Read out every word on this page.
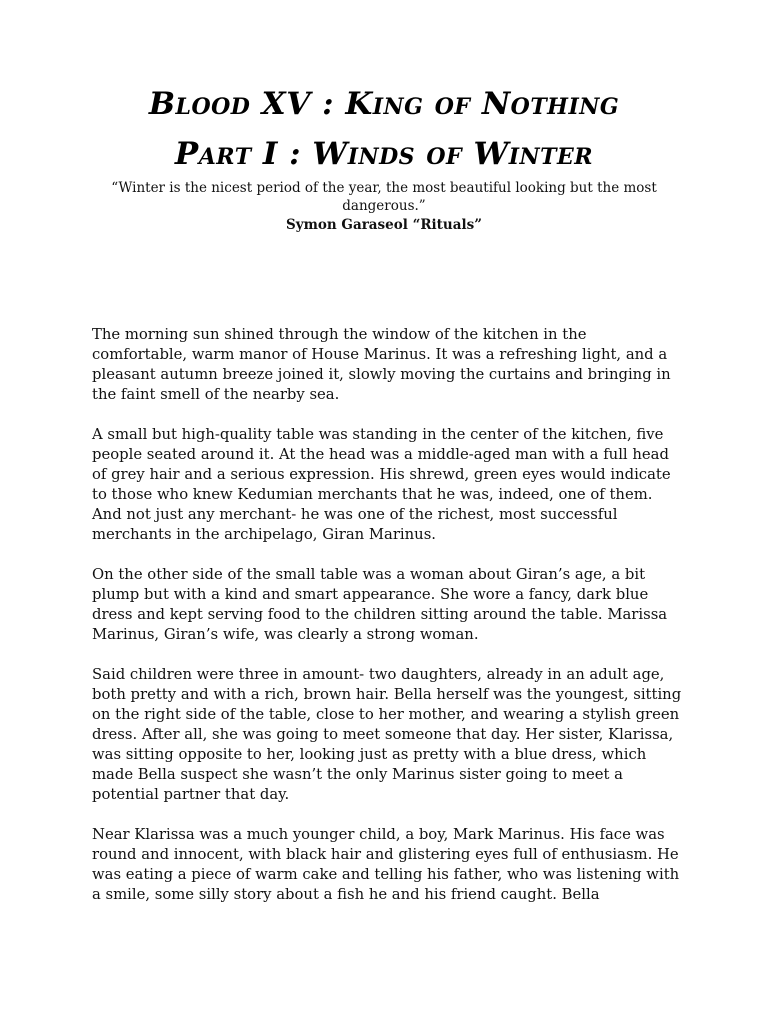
Blood XV : King of Nothing
Part I : Winds of Winter
“Winter is the nicest period of the year, the most beautiful looking but the most dangerous.”
Symon Garaseol “Rituals”

The morning sun shined through the window of the kitchen in the comfortable, warm manor of House Marinus. It was a refreshing light, and a pleasant autumn breeze joined it, slowly moving the curtains and bringing in the faint smell of the nearby sea.

A small but high-quality table was standing in the center of the kitchen, five people seated around it. At the head was a middle-aged man with a full head of grey hair and a serious expression. His shrewd, green eyes would indicate to those who knew Kedumian merchants that he was, indeed, one of them. And not just any merchant- he was one of the richest, most successful merchants in the archipelago, Giran Marinus.

On the other side of the small table was a woman about Giran’s age, a bit plump but with a kind and smart appearance. She wore a fancy, dark blue dress and kept serving food to the children sitting around the table. Marissa Marinus, Giran’s wife, was clearly a strong woman.

Said children were three in amount- two daughters, already in an adult age, both pretty and with a rich, brown hair. Bella herself was the youngest, sitting on the right side of the table, close to her mother, and wearing a stylish green dress. After all, she was going to meet someone that day. Her sister, Klarissa, was sitting opposite to her, looking just as pretty with a blue dress, which made Bella suspect she wasn’t the only Marinus sister going to meet a potential partner that day.

Near Klarissa was a much younger child, a boy, Mark Marinus. His face was round and innocent, with black hair and glistering eyes full of enthusiasm. He was eating a piece of warm cake and telling his father, who was listening with a smile, some silly story about a fish he and his friend caught. Bella
